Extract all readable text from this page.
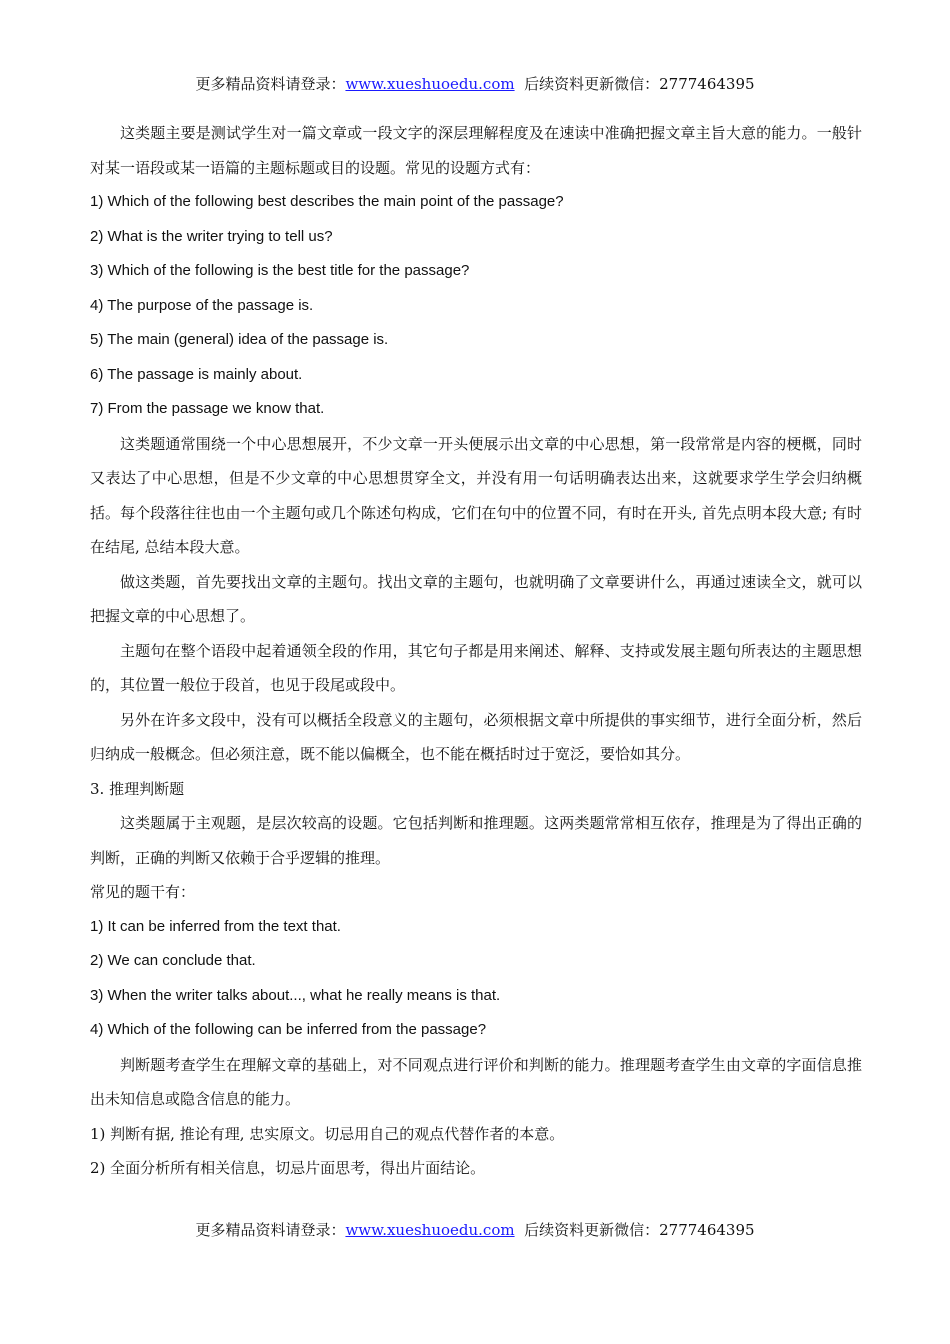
更多精品资料请登录：www.xueshuoedu.com 后续资料更新微信：2777464395

这类题主要是测试学生对一篇文章或一段文字的深层理解程度及在速读中准确把握文章主旨大意的能力。一般针对某一语段或某一语篇的主题标题或目的设题。常见的设题方式有：

1) Which of the following best describes the main point of the passage?
2) What is the writer trying to tell us?
3) Which of the following is the best title for the passage?
4) The purpose of the passage is.
5) The main (general) idea of the passage is.
6) The passage is mainly about.
7) From the passage we know that.

这类题通常围绕一个中心思想展开，不少文章一开头便展示出文章的中心思想，第一段常常是内容的梗概，同时又表达了中心思想，但是不少文章的中心思想贯穿全文，并没有用一句话明确表达出来，这就要求学生学会归纳概括。每个段落往往也由一个主题句或几个陈述句构成，它们在句中的位置不同，有时在开头, 首先点明本段大意; 有时在结尾, 总结本段大意。

做这类题，首先要找出文章的主题句。找出文章的主题句，也就明确了文章要讲什么，再通过速读全文，就可以把握文章的中心思想了。

主题句在整个语段中起着通领全段的作用，其它句子都是用来阐述、解释、支持或发展主题句所表达的主题思想的，其位置一般位于段首，也见于段尾或段中。

另外在许多文段中，没有可以概括全段意义的主题句，必须根据文章中所提供的事实细节，进行全面分析，然后归纳成一般概念。但必须注意，既不能以偏概全，也不能在概括时过于宽泛，要恰如其分。

3. 推理判断题

这类题属于主观题，是层次较高的设题。它包括判断和推理题。这两类题常常相互依存，推理是为了得出正确的判断，正确的判断又依赖于合乎逻辑的推理。

常见的题干有：
1) It can be inferred from the text that.
2) We can conclude that.
3) When the writer talks about..., what he really means is that.
4) Which of the following can be inferred from the passage?

判断题考查学生在理解文章的基础上，对不同观点进行评价和判断的能力。推理题考查学生由文章的字面信息推出未知信息或隐含信息的能力。

1) 判断有据, 推论有理, 忠实原文。切忌用自己的观点代替作者的本意。
2) 全面分析所有相关信息，切忌片面思考，得出片面结论。
更多精品资料请登录：www.xueshuoedu.com 后续资料更新微信：2777464395
